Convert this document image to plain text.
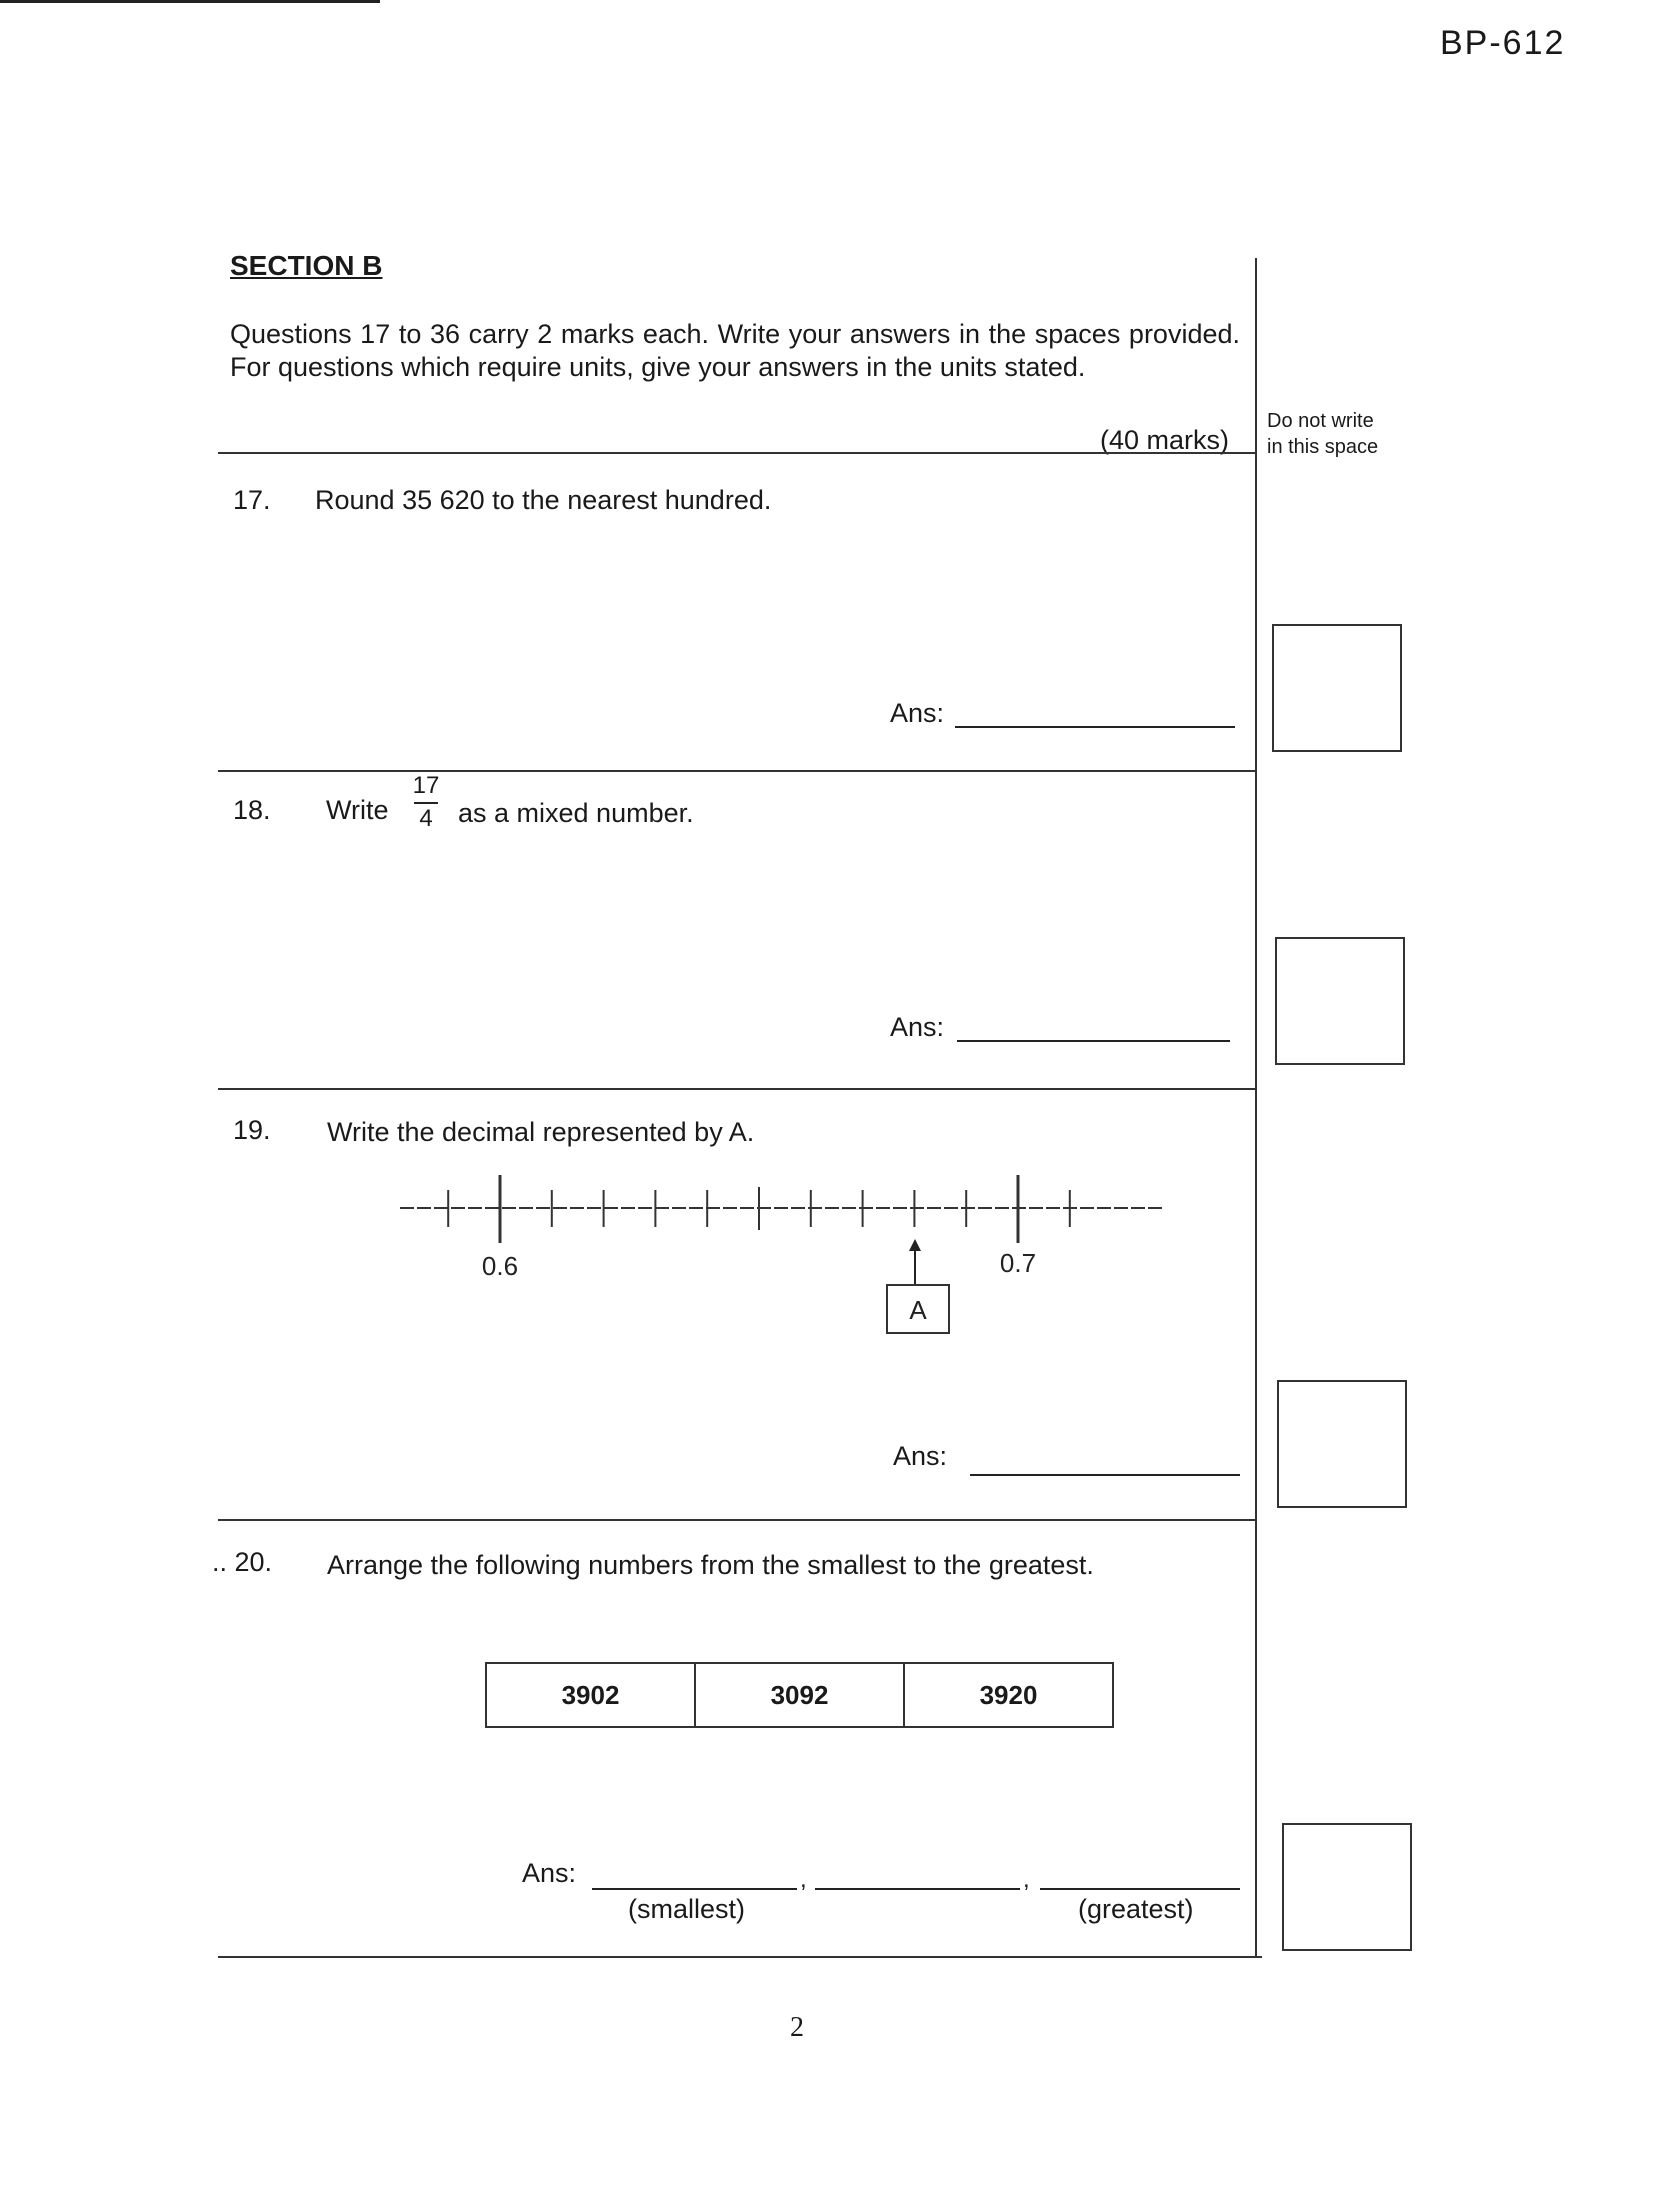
BP-612
SECTION B
Questions 17 to 36 carry 2 marks each. Write your answers in the spaces provided. For questions which require units, give your answers in the units stated.
(40 marks)
Do not write
in this space
17. Round 35 620 to the nearest hundred.
Ans:
18. Write
17
4 as a mixed number.
Ans:
19. Write the decimal represented by A.
0.6	0.7
A
Ans:
.. 20. Arrange the following numbers from the smallest to the greatest.
3902	3092	3920
Ans:	,	,
(smallest)	(greatest)
2
